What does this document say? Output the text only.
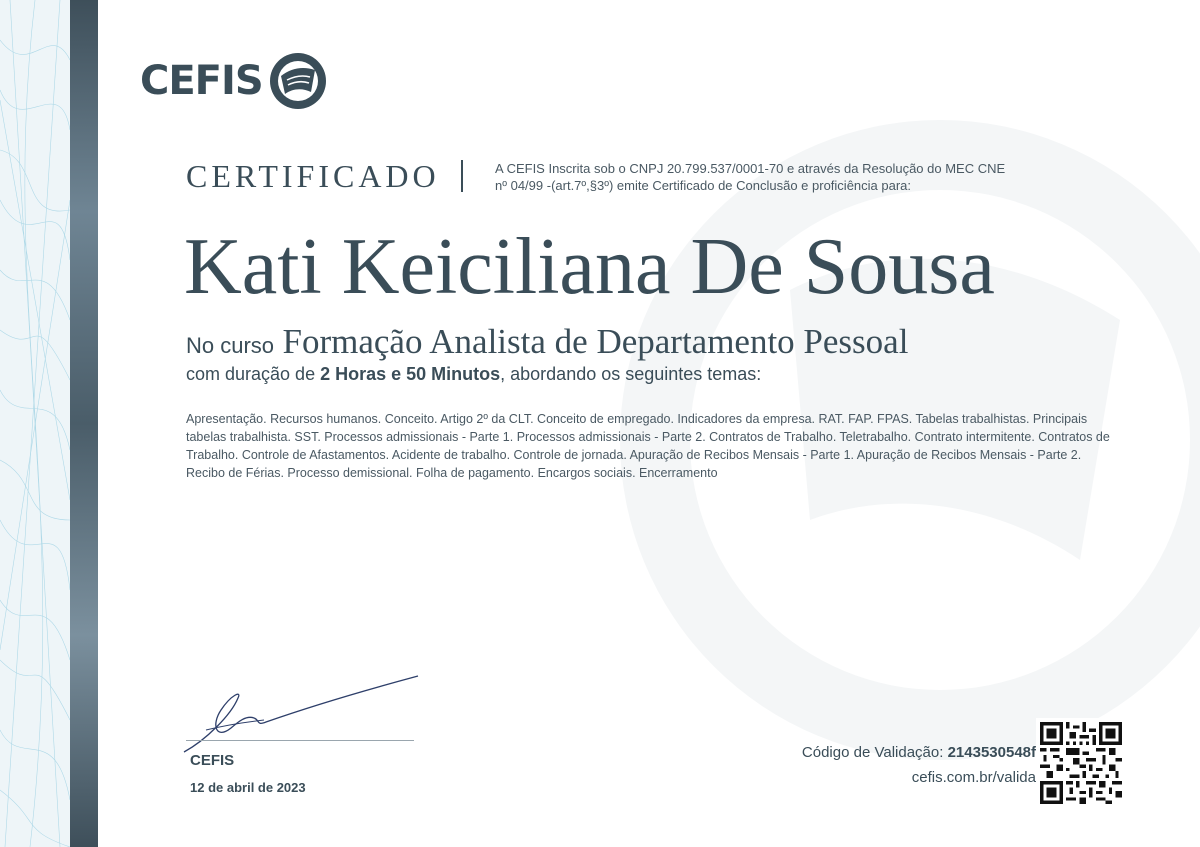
CEFIS
CERTIFICADO	A CEFIS Inscrita sob o CNPJ 20.799.537/0001-70 e através da Resolução do MEC CNE nº 04/99 -(art.7º,§3º) emite Certificado de Conclusão e proficiência para:
Kati Keiciliana De Sousa
No curso Formação Analista de Departamento Pessoal
com duração de 2 Horas e 50 Minutos, abordando os seguintes temas:
Apresentação. Recursos humanos. Conceito. Artigo 2º da CLT. Conceito de empregado. Indicadores da empresa. RAT. FAP. FPAS. Tabelas trabalhistas. Principais tabelas trabalhista. SST. Processos admissionais - Parte 1. Processos admissionais - Parte 2. Contratos de Trabalho. Teletrabalho. Contrato intermitente. Contratos de Trabalho. Controle de Afastamentos. Acidente de trabalho. Controle de jornada. Apuração de Recibos Mensais - Parte 1. Apuração de Recibos Mensais - Parte 2. Recibo de Férias. Processo demissional. Folha de pagamento. Encargos sociais. Encerramento
CEFIS
12 de abril de 2023
Código de Validação: 2143530548f
cefis.com.br/valida
